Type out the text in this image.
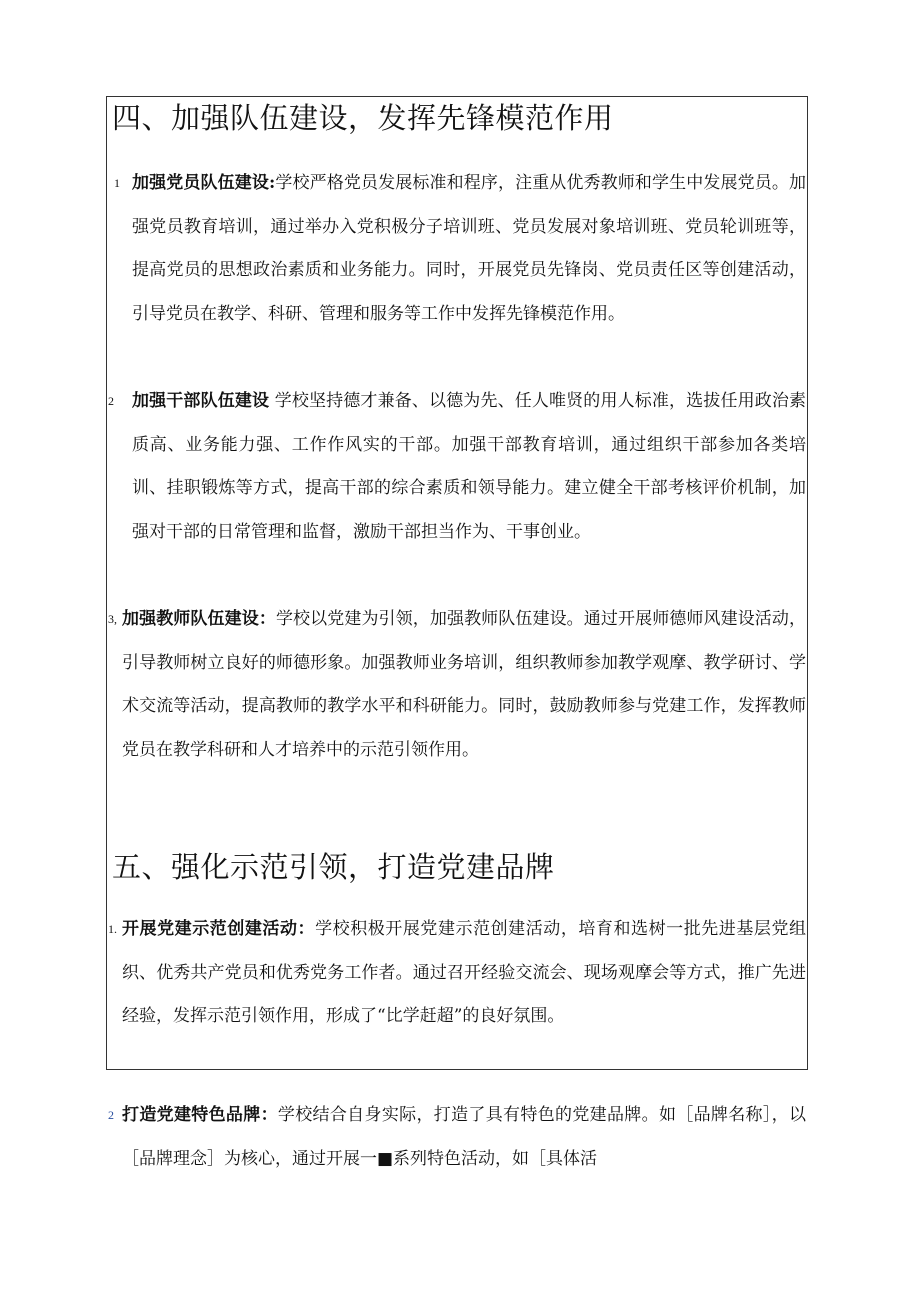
四、加强队伍建设，发挥先锋模范作用
1 加强党员队伍建设:学校严格党员发展标准和程序，注重从优秀教师和学生中发展党员。加强党员教育培训，通过举办入党积极分子培训班、党员发展对象培训班、党员轮训班等，提高党员的思想政治素质和业务能力。同时，开展党员先锋岗、党员责任区等创建活动，引导党员在教学、科研、管理和服务等工作中发挥先锋模范作用。
2 加强干部队伍建设 学校坚持德才兼备、以德为先、任人唯贤的用人标准，选拔任用政治素质高、业务能力强、工作作风实的干部。加强干部教育培训，通过组织干部参加各类培训、挂职锻炼等方式，提高干部的综合素质和领导能力。建立健全干部考核评价机制，加强对干部的日常管理和监督，激励干部担当作为、干事创业。
3, 加强教师队伍建设：学校以党建为引领，加强教师队伍建设。通过开展师德师风建设活动，引导教师树立良好的师德形象。加强教师业务培训，组织教师参加教学观摩、教学研讨、学术交流等活动，提高教师的教学水平和科研能力。同时，鼓励教师参与党建工作，发挥教师党员在教学科研和人才培养中的示范引领作用。
五、强化示范引领，打造党建品牌
1. 开展党建示范创建活动：学校积极开展党建示范创建活动，培育和选树一批先进基层党组织、优秀共产党员和优秀党务工作者。通过召开经验交流会、现场观摩会等方式，推广先进经验，发挥示范引领作用，形成了“比学赶超”的良好氛围。
2 打造党建特色品牌：学校结合自身实际，打造了具有特色的党建品牌。如［品牌名称］，以［品牌理念］为核心，通过开展一■系列特色活动，如［具体活
